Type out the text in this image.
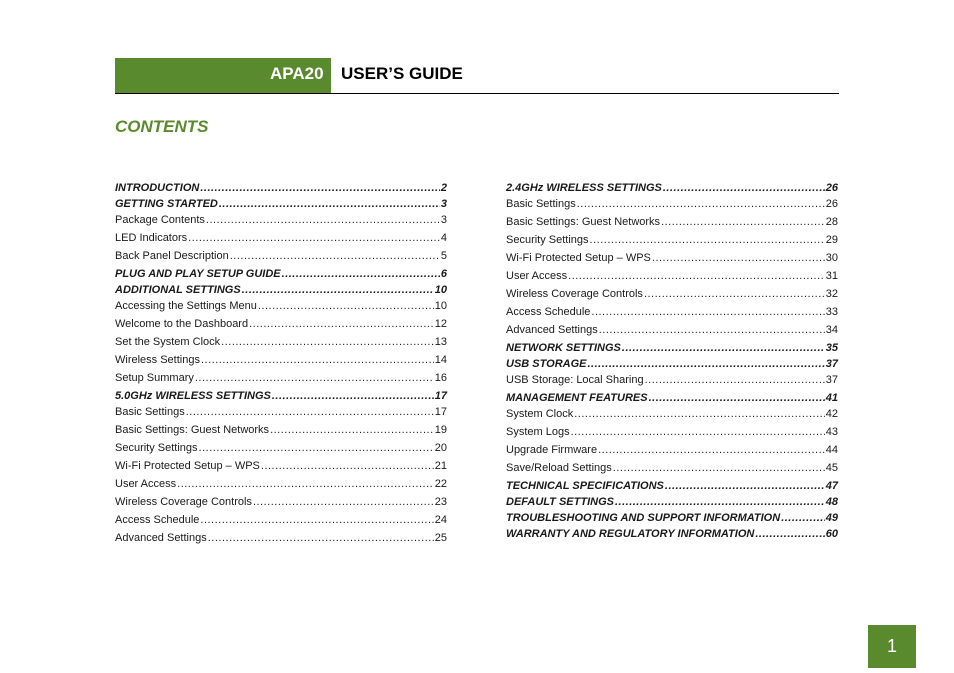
APA20 USER’S GUIDE
CONTENTS
INTRODUCTION .....	2
GETTING STARTED .....	3
Package Contents .....	3
LED Indicators .....	4
Back Panel Description .....	5
PLUG AND PLAY SETUP GUIDE .....	6
ADDITIONAL SETTINGS .....	10
Accessing the Settings Menu .....	10
Welcome to the Dashboard .....	12
Set the System Clock .....	13
Wireless Settings .....	14
Setup Summary .....	16
5.0GHz WIRELESS SETTINGS .....	17
Basic Settings .....	17
Basic Settings: Guest Networks .....	19
Security Settings .....	20
Wi-Fi Protected Setup – WPS .....	21
User Access .....	22
Wireless Coverage Controls .....	23
Access Schedule .....	24
Advanced Settings .....	25
2.4GHz WIRELESS SETTINGS .....	26
Basic Settings .....	26
Basic Settings: Guest Networks .....	28
Security Settings .....	29
Wi-Fi Protected Setup – WPS .....	30
User Access .....	31
Wireless Coverage Controls .....	32
Access Schedule .....	33
Advanced Settings .....	34
NETWORK SETTINGS .....	35
USB STORAGE .....	37
USB Storage: Local Sharing .....	37
MANAGEMENT FEATURES .....	41
System Clock .....	42
System Logs .....	43
Upgrade Firmware .....	44
Save/Reload Settings .....	45
TECHNICAL SPECIFICATIONS .....	47
DEFAULT SETTINGS .....	48
TROUBLESHOOTING AND SUPPORT INFORMATION .....	49
WARRANTY AND REGULATORY INFORMATION .....	60
1
